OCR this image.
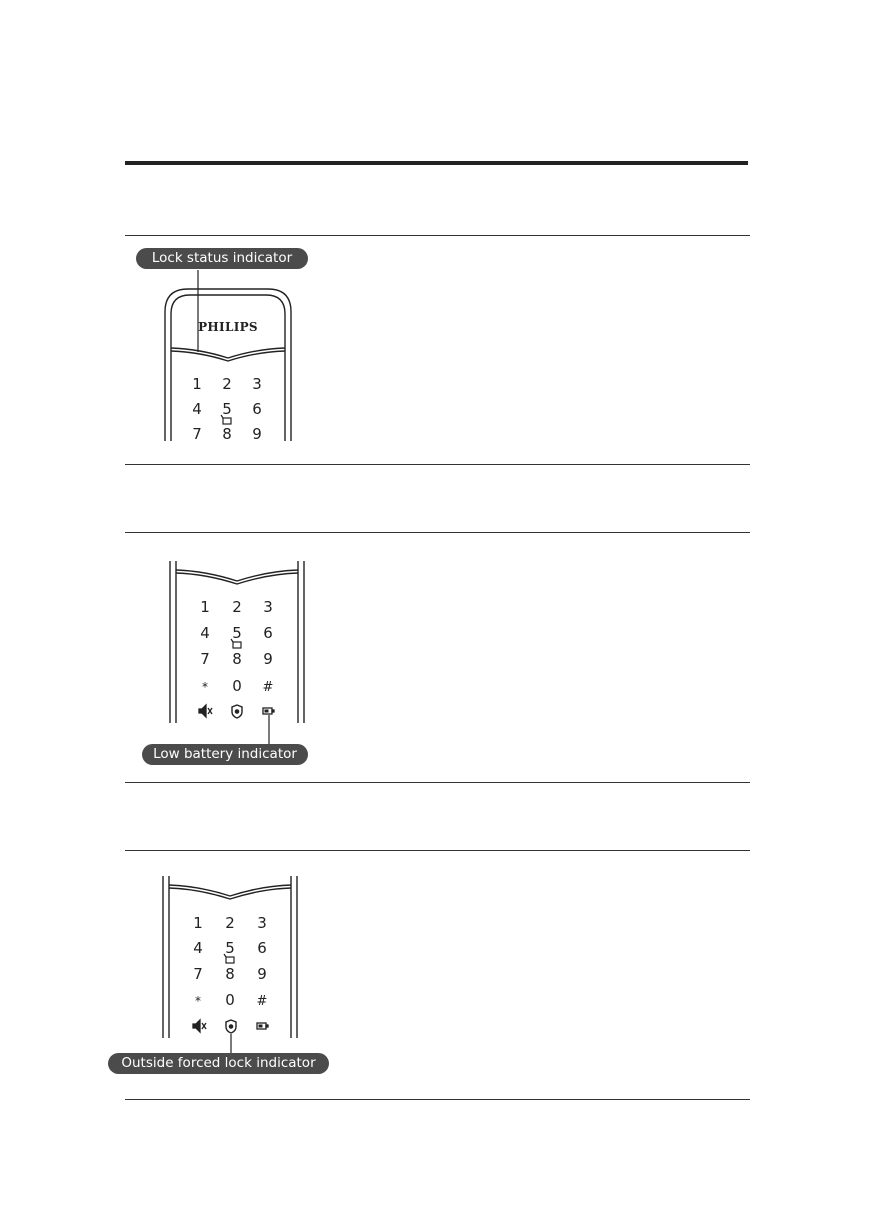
PHILIPS
1 2 3
4 5 6
7 8 9
Lock status indicator
1 2 3
4 5 6
7 8 9
* 0 #
Low battery indicator
1 2 3
4 5 6
7 8 9
* 0 #
Outside forced lock indicator
